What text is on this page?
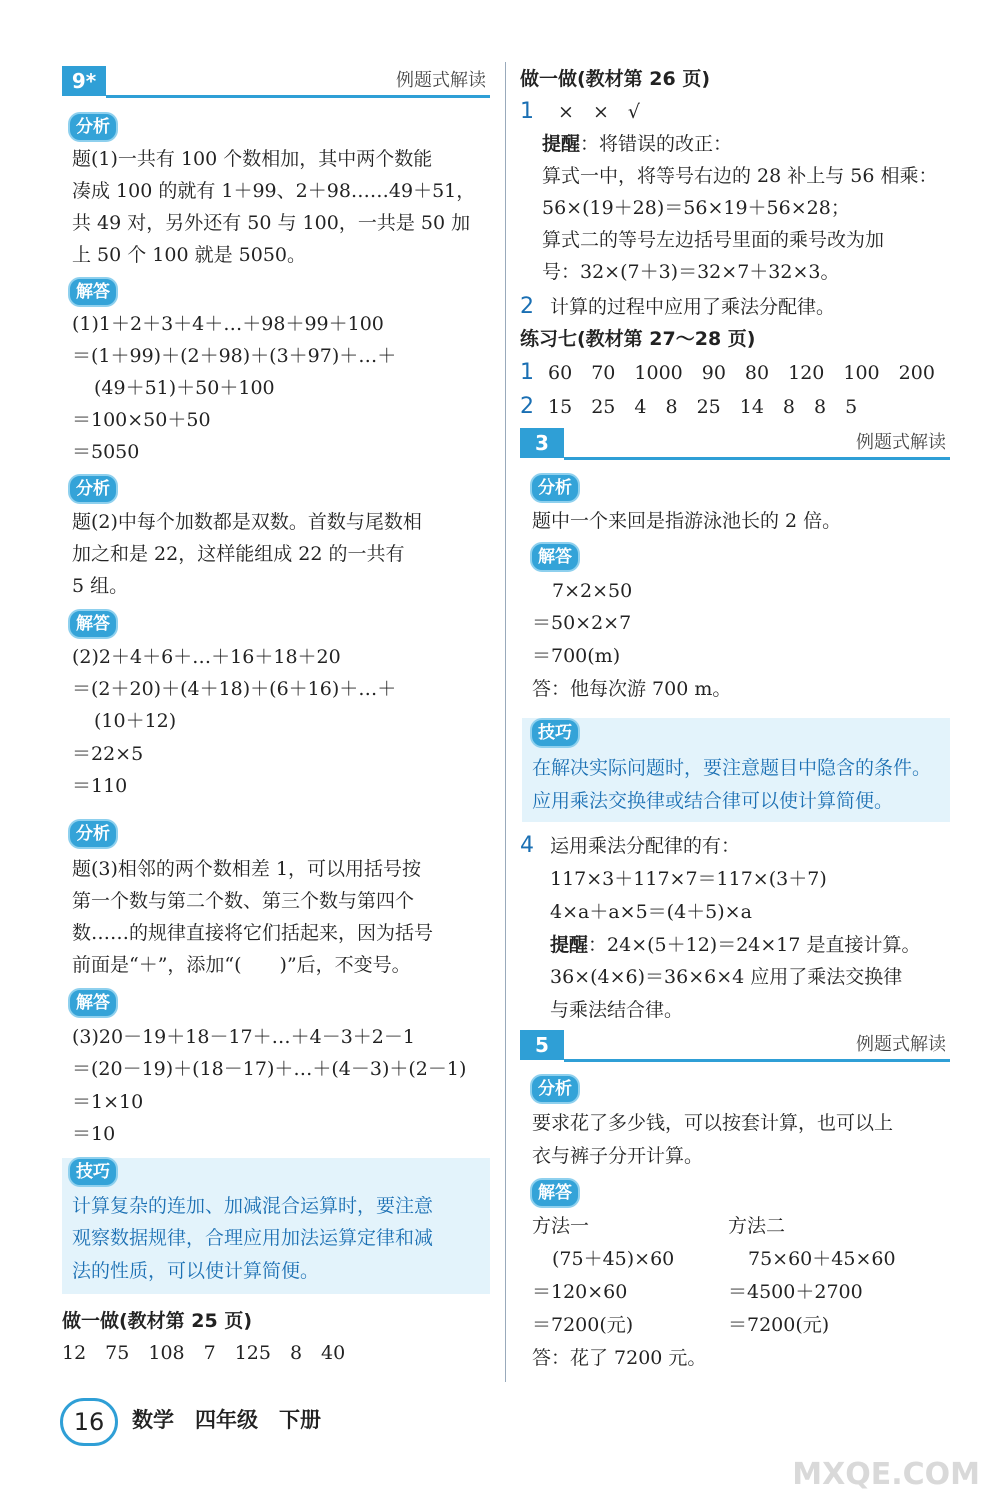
9*	例题式解读
分析
题(1)一共有 100 个数相加，其中两个数能
凑成 100 的就有 1＋99、2＋98……49＋51，
共 49 对，另外还有 50 与 100，一共是 50 加
上 50 个 100 就是 5050。
解答
(1)1＋2＋3＋4＋…＋98＋99＋100
＝(1＋99)＋(2＋98)＋(3＋97)＋…＋
(49＋51)＋50＋100
＝100×50＋50
＝5050
分析
题(2)中每个加数都是双数。首数与尾数相
加之和是 22，这样能组成 22 的一共有
5 组。
解答
(2)2＋4＋6＋…＋16＋18＋20
＝(2＋20)＋(4＋18)＋(6＋16)＋…＋
(10＋12)
＝22×5
＝110
分析
题(3)相邻的两个数相差 1，可以用括号按
第一个数与第二个数、第三个数与第四个
数……的规律直接将它们括起来，因为括号
前面是“＋”，添加“(　　)”后，不变号。
解答
(3)20－19＋18－17＋…＋4－3＋2－1
＝(20－19)＋(18－17)＋…＋(4－3)＋(2－1)
＝1×10
＝10
技巧
计算复杂的连加、加减混合运算时，要注意
观察数据规律，合理应用加法运算定律和减
法的性质，可以使计算简便。
做一做(教材第 25 页)
12　75　108　7　125　8　40
做一做(教材第 26 页)
1 ×　×　√
提醒：将错误的改正：
算式一中，将等号右边的 28 补上与 56 相乘：
56×(19＋28)＝56×19＋56×28；
算式二的等号左边括号里面的乘号改为加
号：32×(7＋3)＝32×7＋32×3。
2 计算的过程中应用了乘法分配律。
练习七(教材第 27～28 页)
1 60　70　1000　90　80　120　100　200
2 15　25　4　8　25　14　8　8　5
3	例题式解读
分析
题中一个来回是指游泳池长的 2 倍。
解答
7×2×50
＝50×2×7
＝700(m)
答：他每次游 700 m。
技巧
在解决实际问题时，要注意题目中隐含的条件。
应用乘法交换律或结合律可以使计算简便。
4 运用乘法分配律的有：
117×3＋117×7＝117×(3＋7)
4×a＋a×5＝(4＋5)×a
提醒：24×(5＋12)＝24×17 是直接计算。
36×(4×6)＝36×6×4 应用了乘法交换律
与乘法结合律。
5	例题式解读
分析
要求花了多少钱，可以按套计算，也可以上
衣与裤子分开计算。
解答
方法一
(75＋45)×60
＝120×60
＝7200(元)
方法二
75×60＋45×60
＝4500＋2700
＝7200(元)
答：花了 7200 元。
16	数学　四年级　下册
MXQE.COM
